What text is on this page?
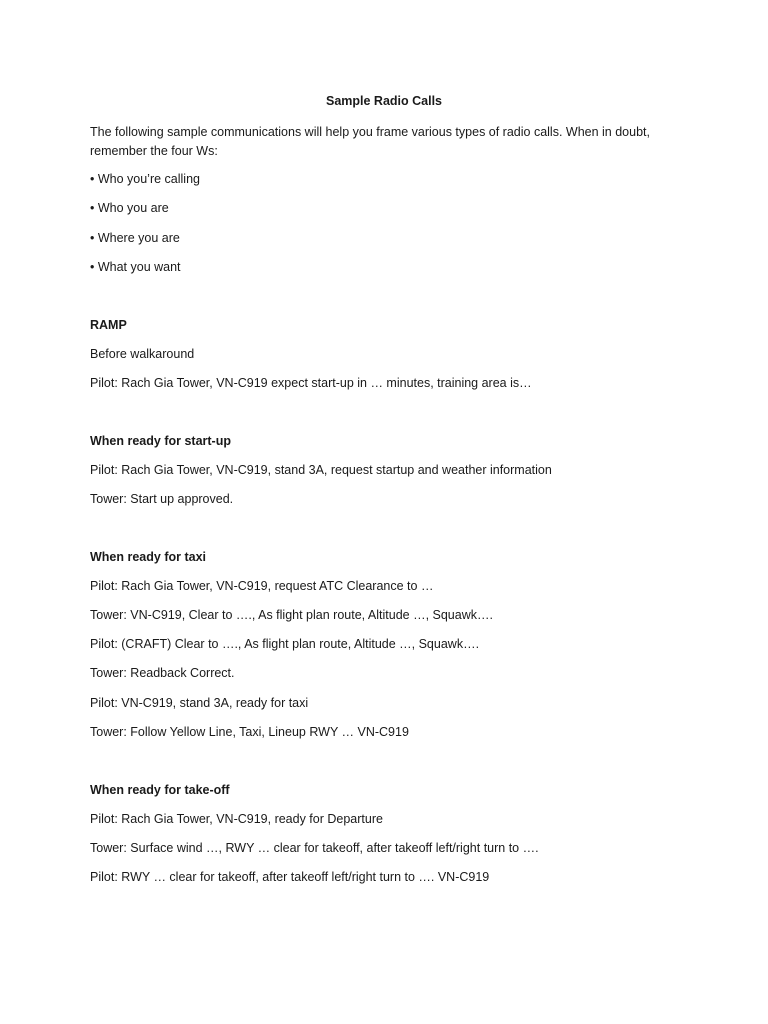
Sample Radio Calls
The following sample communications will help you frame various types of radio calls. When in doubt, remember the four Ws:
• Who you’re calling
• Who you are
• Where you are
• What you want
RAMP
Before walkaround
Pilot: Rach Gia Tower, VN-C919 expect start-up in … minutes, training area is…
When ready for start-up
Pilot: Rach Gia Tower, VN-C919, stand 3A, request startup and weather information
Tower: Start up approved.
When ready for taxi
Pilot: Rach Gia Tower, VN-C919, request ATC Clearance to …
Tower: VN-C919, Clear to …., As flight plan route, Altitude …, Squawk….
Pilot: (CRAFT) Clear to …., As flight plan route, Altitude …, Squawk….
Tower: Readback Correct.
Pilot: VN-C919, stand 3A, ready for taxi
Tower: Follow Yellow Line, Taxi, Lineup RWY … VN-C919
When ready for take-off
Pilot: Rach Gia Tower, VN-C919, ready for Departure
Tower: Surface wind …, RWY … clear for takeoff, after takeoff left/right turn to ….
Pilot: RWY … clear for takeoff, after takeoff left/right turn to …. VN-C919
